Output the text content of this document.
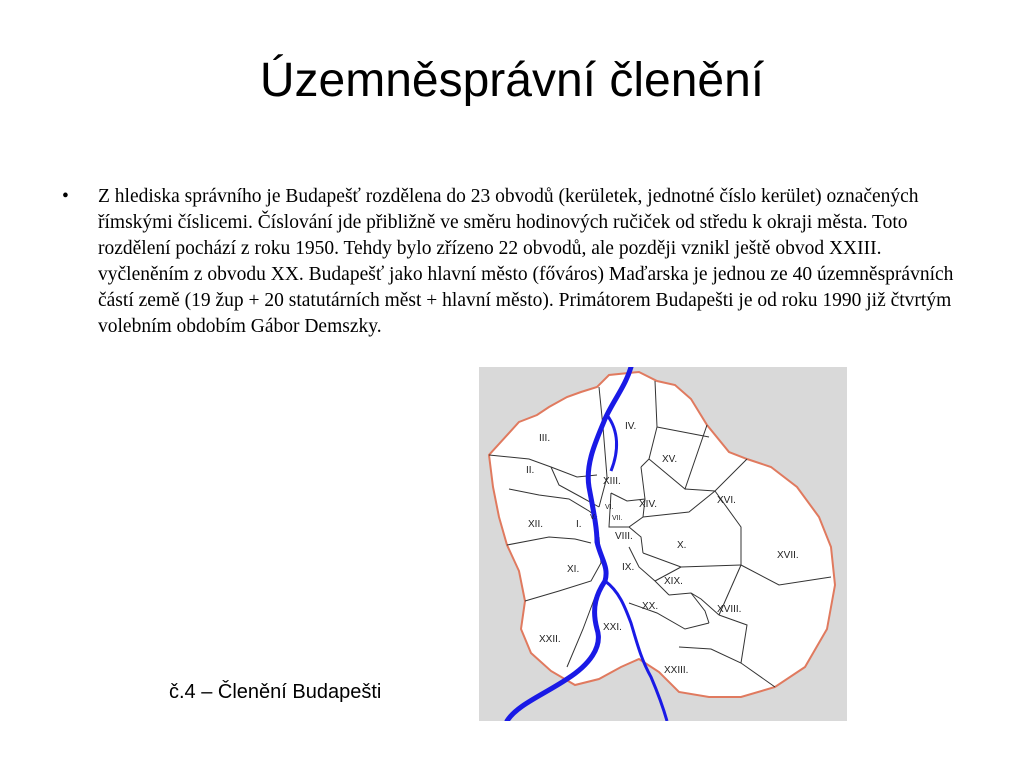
Územněsprávní členění
• Z hlediska správního je Budapešť rozdělena do 23 obvodů (kerületek, jednotné číslo kerület) označených římskými číslicemi. Číslování jde přibližně ve směru hodinových ručiček od středu k okraji města. Toto rozdělení pochází z roku 1950. Tehdy bylo zřízeno 22 obvodů, ale později vznikl ještě obvod XXIII. vyčleněním z obvodu XX. Budapešť jako hlavní město (főváros) Maďarska je jednou ze 40 územněsprávních částí země (19 žup + 20 statutárních měst + hlavní město). Primátorem Budapešti je od roku 1990 již čtvrtým volebním obdobím Gábor Demszky.

I.
II.
III.
IV.
V.
VI.
VII.
VIII.
IX.
X.
XI.
XII.
XIII.
XIV.
XV.
XVI.
XVII.
XVIII.
XIX.
XX.
XXI.
XXII.
XXIII.
č.4 – Členění Budapešti
